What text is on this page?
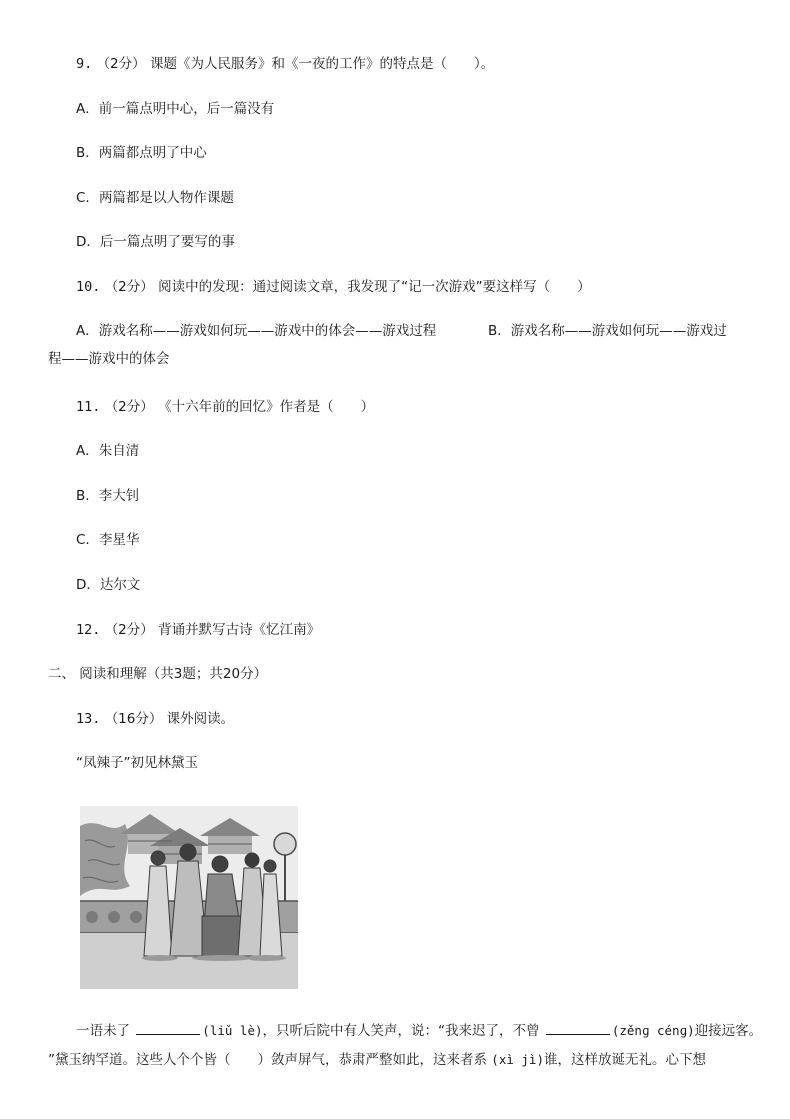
9. （2分） 课题《为人民服务》和《一夜的工作》的特点是（　　）。
A．前一篇点明中心，后一篇没有
B．两篇都点明了中心
C．两篇都是以人物作课题
D．后一篇点明了要写的事
10. （2分） 阅读中的发现：通过阅读文章，我发现了“记一次游戏”要这样写（　　）
A．游戏名称——游戏如何玩——游戏中的体会——游戏过程	B．游戏名称——游戏如何玩——游戏过
程——游戏中的体会
11. （2分） 《十六年前的回忆》作者是（　　）
A．朱自清
B．李大钊
C．李星华
D．达尔文
12. （2分） 背诵并默写古诗《忆江南》
二、 阅读和理解（共3题；共20分）
13. （16分） 课外阅读。
“凤辣子”初见林黛玉
一语未了	(liǔ lè)，只听后院中有人笑声，说：“我来迟了，不曾	(zěnɡ cénɡ)迎接远客。
”黛玉纳罕道。这些人个个皆（　　）敛声屏气，恭肃严整如此，这来者系 (xì jì)谁，这样放诞无礼。心下想
